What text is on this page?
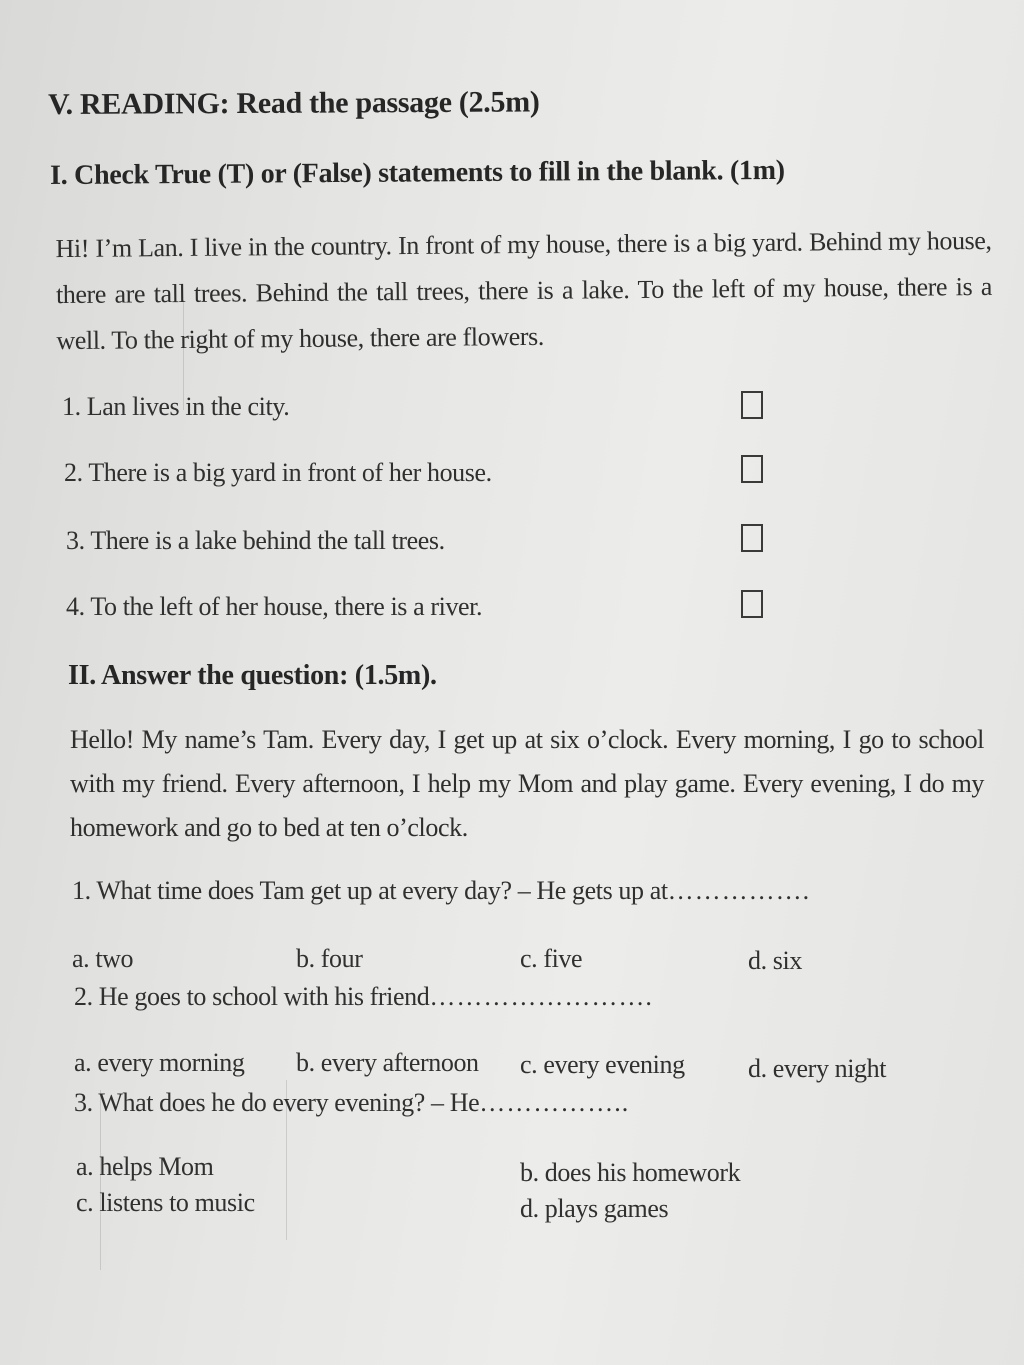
V. READING: Read the passage (2.5m)
I. Check True (T) or (False) statements to fill in the blank. (1m)
Hi! I’m Lan. I live in the country. In front of my house, there is a big yard. Behind my house, there are tall trees. Behind the tall trees, there is a lake. To the left of my house, there is a well. To the right of my house, there are flowers.
1. Lan lives in the city.
2. There is a big yard in front of her house.
3. There is a lake behind the tall trees.
4. To the left of her house, there is a river.
II. Answer the question: (1.5m).
Hello! My name’s Tam. Every day, I get up at six o’clock. Every morning, I go to school with my friend. Every afternoon, I help my Mom and play game. Every evening, I do my homework and go to bed at ten o’clock.
1. What time does Tam get up at every day? – He gets up at…………….
a. two	b. four	c. five	d. six
2. He goes to school with his friend…………………….
a. every morning b. every afternoon c. every evening d. every night
3. What does he do every evening? – He……………..
a. helps Mom	b. does his homework
c. listens to music	d. plays games
